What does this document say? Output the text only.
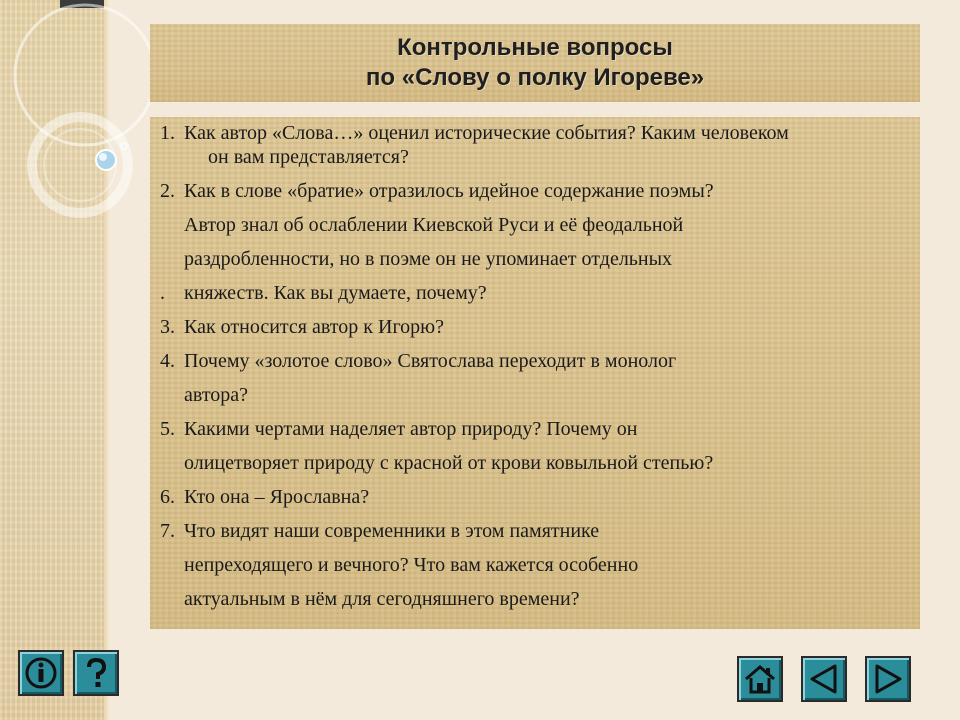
Контрольные вопросы
по «Слову о полку Игореве»
1. Как автор «Слова…» оценил исторические события? Каким человеком
он вам представляется?
2. Как в слове «братие» отразилось идейное содержание поэмы?
Автор знал об ослаблении Киевской Руси и её феодальной
раздробленности, но в поэме он не упоминает отдельных
. княжеств. Как вы думаете, почему?
3. Как относится автор к Игорю?
4. Почему «золотое слово» Святослава переходит в монолог
автора?
5. Какими чертами наделяет автор природу? Почему он
олицетворяет природу с красной от крови ковыльной степью?
6. Кто она – Ярославна?
7. Что видят наши современники в этом памятнике
непреходящего и вечного? Что вам кажется особенно
актуальным в нём для сегодняшнего времени?
